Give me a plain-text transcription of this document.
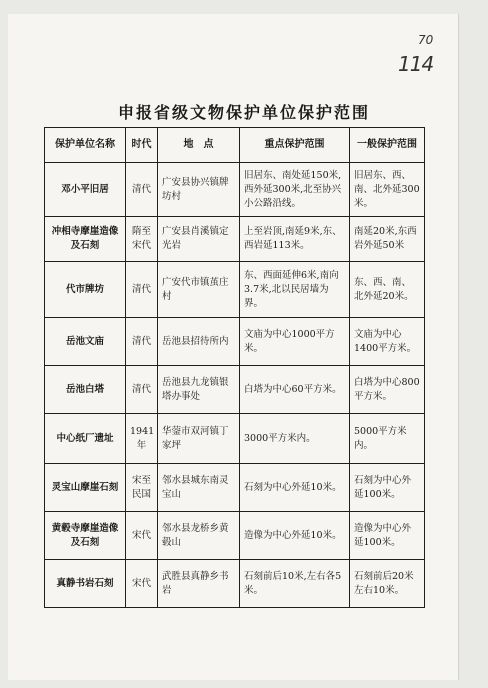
70
114
申报省级文物保护单位保护范围
保护单位名称	时代	地　点	重点保护范围	一般保护范围
邓小平旧居	清代	广安县协兴镇牌坊村	旧居东、南处延150米,西外延300米,北至协兴小公路沿线。	旧居东、西、南、北外延300米。
冲相寺摩崖造像及石刻	隋至宋代	广安县肖溪镇定光岩	上至岩顶,南延9米,东、西岩延113米。	南延20米,东西岩外延50米
代市牌坊	清代	广安代市镇茧庄村	东、西面延伸6米,南向3.7米,北以民居墙为界。	东、西、南、北外延20米。
岳池文庙	清代	岳池县招待所内	文庙为中心1000平方米。	文庙为中心1400平方米。
岳池白塔	清代	岳池县九龙镇银塔办事处	白塔为中心60平方米。	白塔为中心800平方米。
中心纸厂遗址	1941年	华蓥市双河镇丁家坪	3000平方米内。	5000平方米内。
灵宝山摩崖石刻	宋至民国	邻水县城东南灵宝山	石刻为中心外延10米。	石刻为中心外延100米。
黄毂寺摩崖造像及石刻	宋代	邻水县龙桥乡黄毂山	造像为中心外延10米。	造像为中心外延100米。
真静书岩石刻	宋代	武胜县真静乡书岩	石刻前后10米,左右各5米。	石刻前后20米左右10米。
